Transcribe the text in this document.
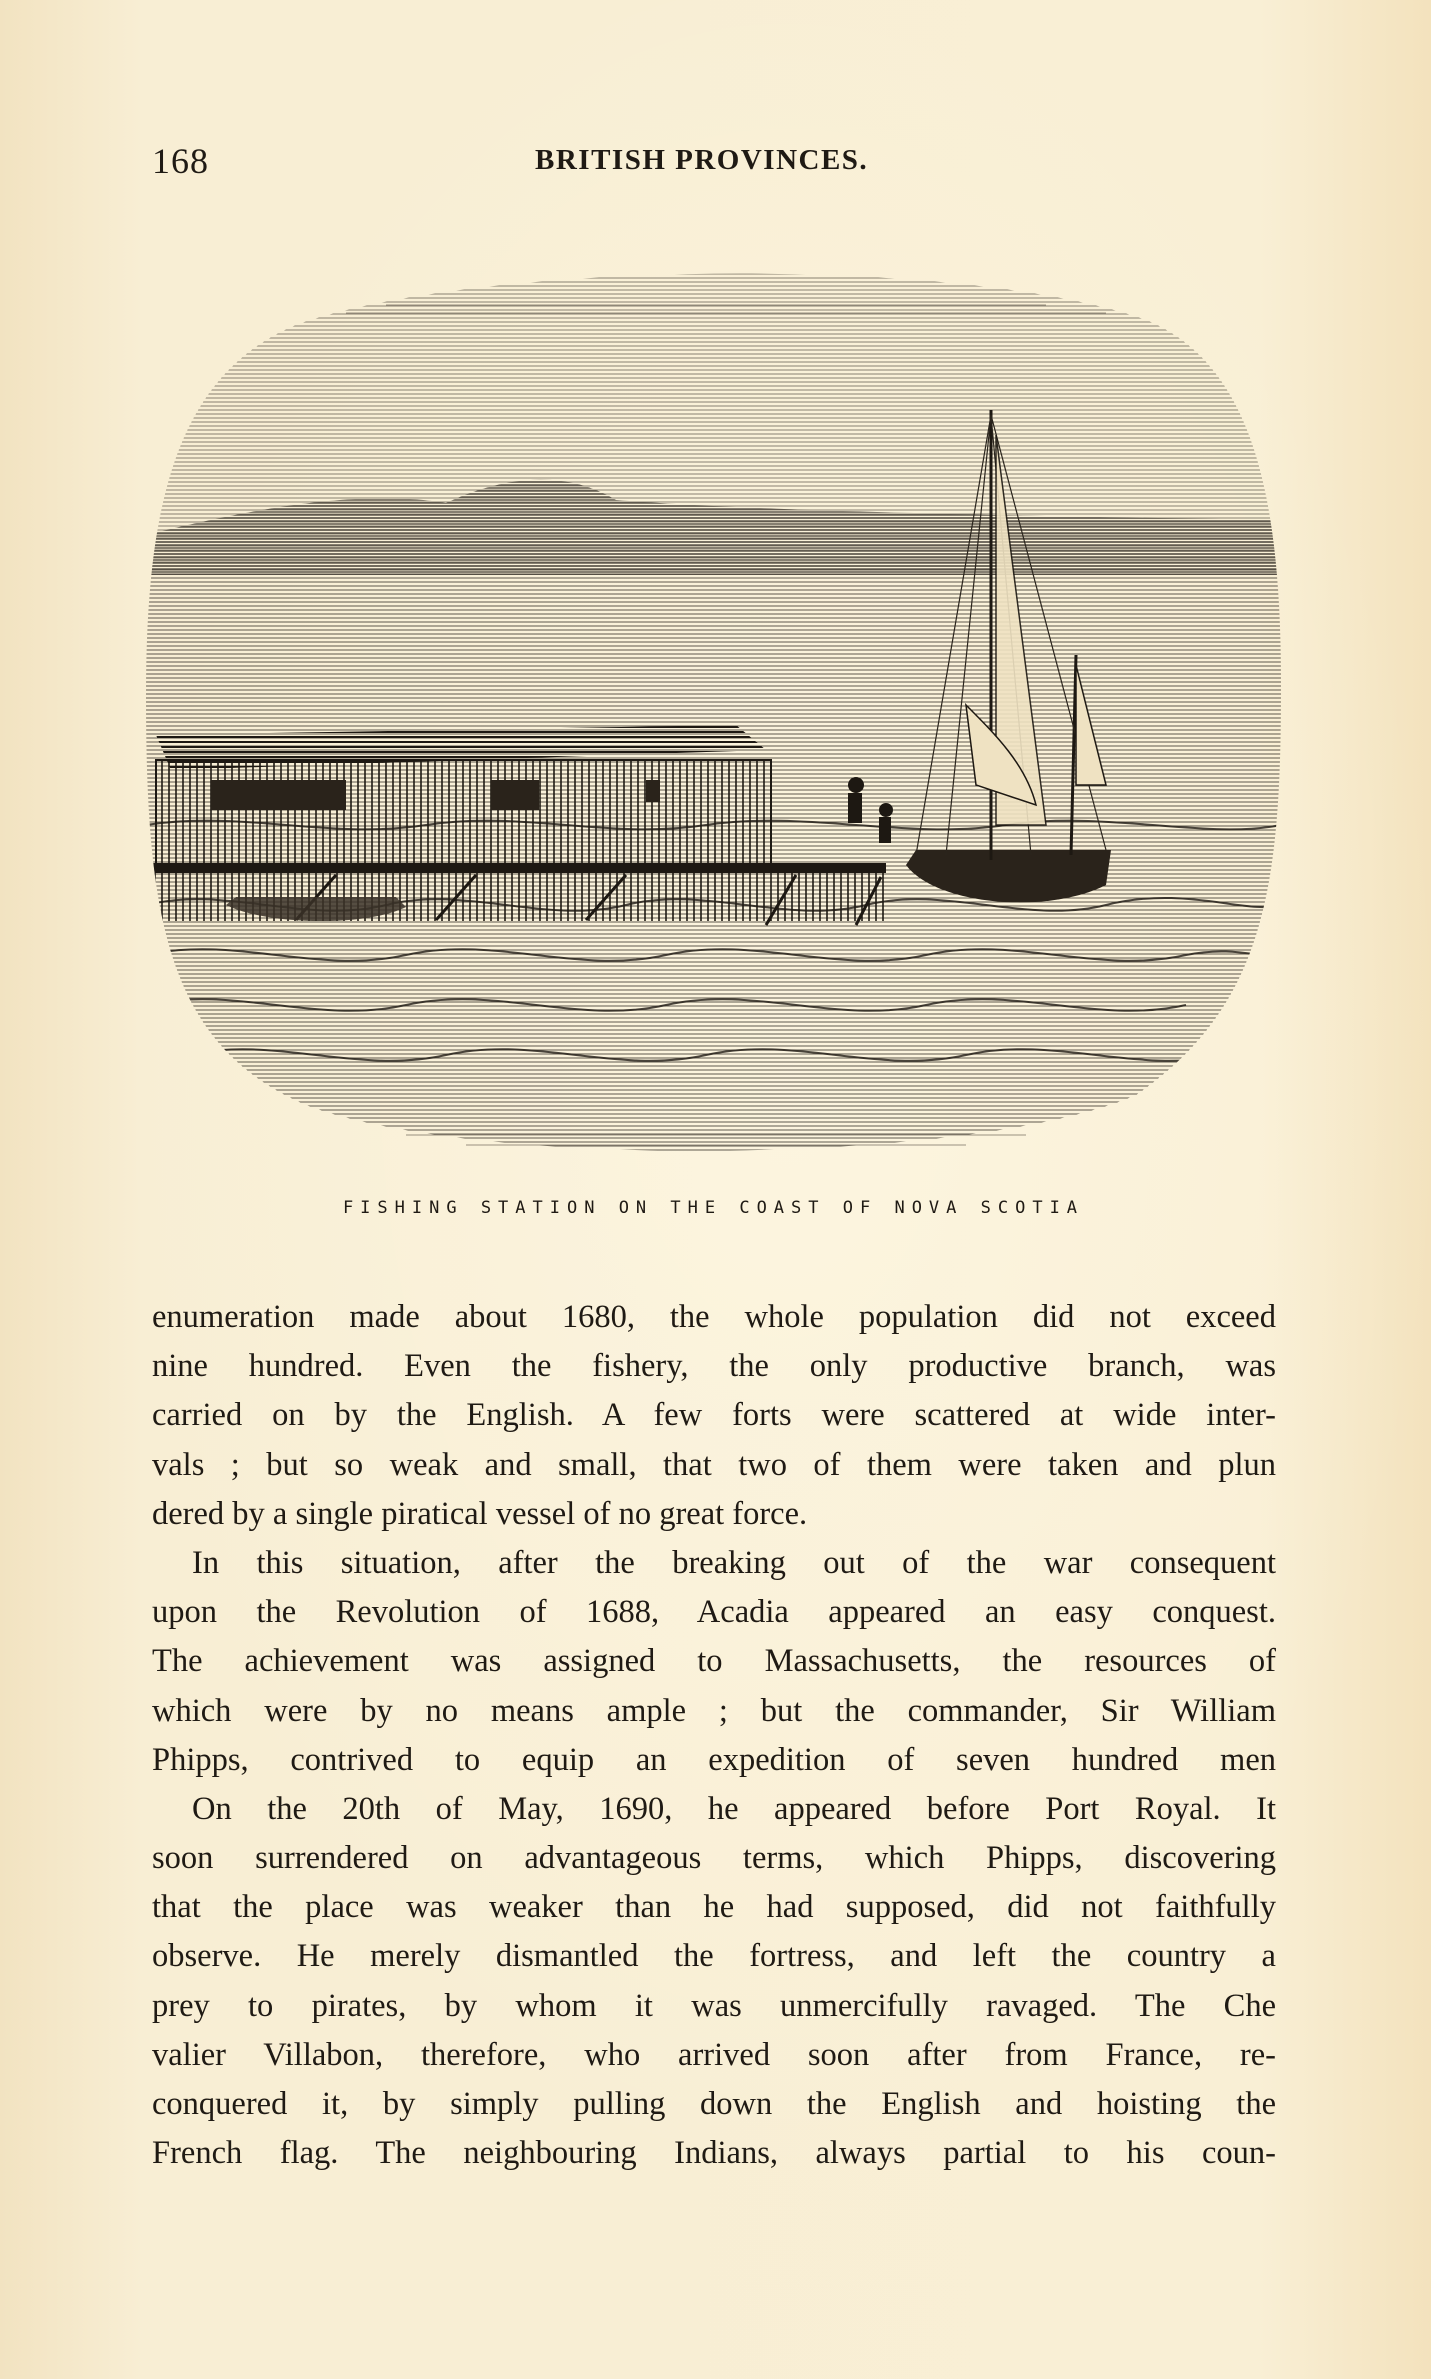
168	BRITISH PROVINCES.
FISHING STATION ON THE COAST OF NOVA SCOTIA
enumeration made about 1680, the whole population did not exceed
nine hundred. Even the fishery, the only productive branch, was
carried on by the English. A few forts were scattered at wide inter-
vals ; but so weak and small, that two of them were taken and plun
dered by a single piratical vessel of no great force.
In this situation, after the breaking out of the war consequent
upon the Revolution of 1688, Acadia appeared an easy conquest.
The achievement was assigned to Massachusetts, the resources of
which were by no means ample ; but the commander, Sir William
Phipps, contrived to equip an expedition of seven hundred men
On the 20th of May, 1690, he appeared before Port Royal. It
soon surrendered on advantageous terms, which Phipps, discovering
that the place was weaker than he had supposed, did not faithfully
observe. He merely dismantled the fortress, and left the country a
prey to pirates, by whom it was unmercifully ravaged. The Che
valier Villabon, therefore, who arrived soon after from France, re-
conquered it, by simply pulling down the English and hoisting the
French flag. The neighbouring Indians, always partial to his coun-
